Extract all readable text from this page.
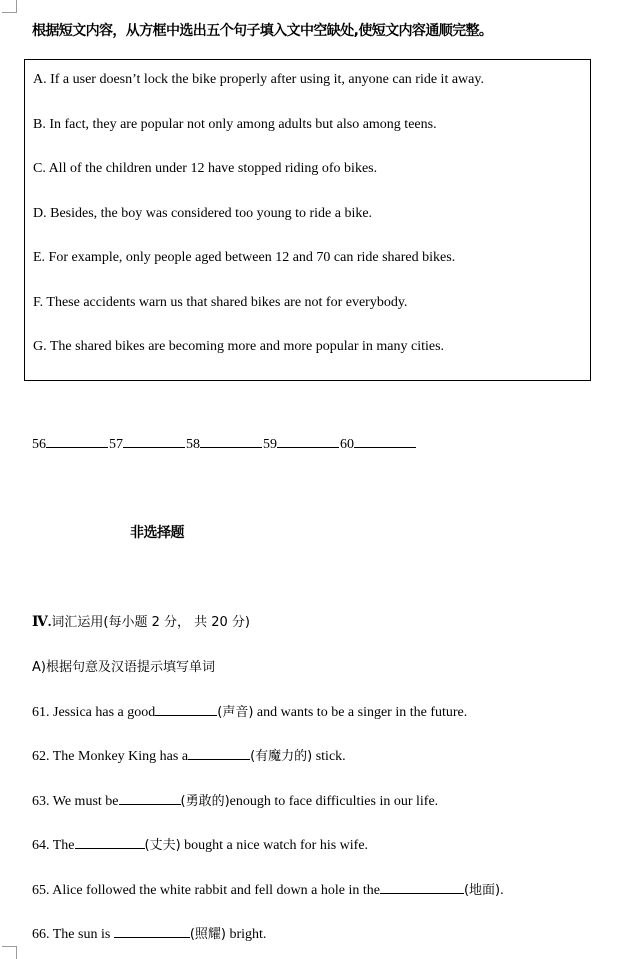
根据短文内容，从方框中选出五个句子填入文中空缺处,使短文内容通顺完整。
A. If a user doesn’t lock the bike properly after using it, anyone can ride it away.
B. In fact, they are popular not only among adults but also among teens.
C. All of the children under 12 have stopped riding ofo bikes.
D. Besides, the boy was considered too young to ride a bike.
E. For example, only people aged between 12 and 70 can ride shared bikes.
F. These accidents warn us that shared bikes are not for everybody.
G. The shared bikes are becoming more and more popular in many cities.
56	57	58	59	60
非选择题
Ⅳ.词汇运用(每小题 2 分， 共 20 分)
A)根据句意及汉语提示填写单词
61. Jessica has a good	(声音) and wants to be a singer in the future.
62. The Monkey King has a	(有魔力的) stick.
63. We must be	(勇敢的)enough to face difficulties in our life.
64. The	(丈夫) bought a nice watch for his wife.
65. Alice followed the white rabbit and fell down a hole in the	(地面).
66. The sun is	(照耀) bright.
